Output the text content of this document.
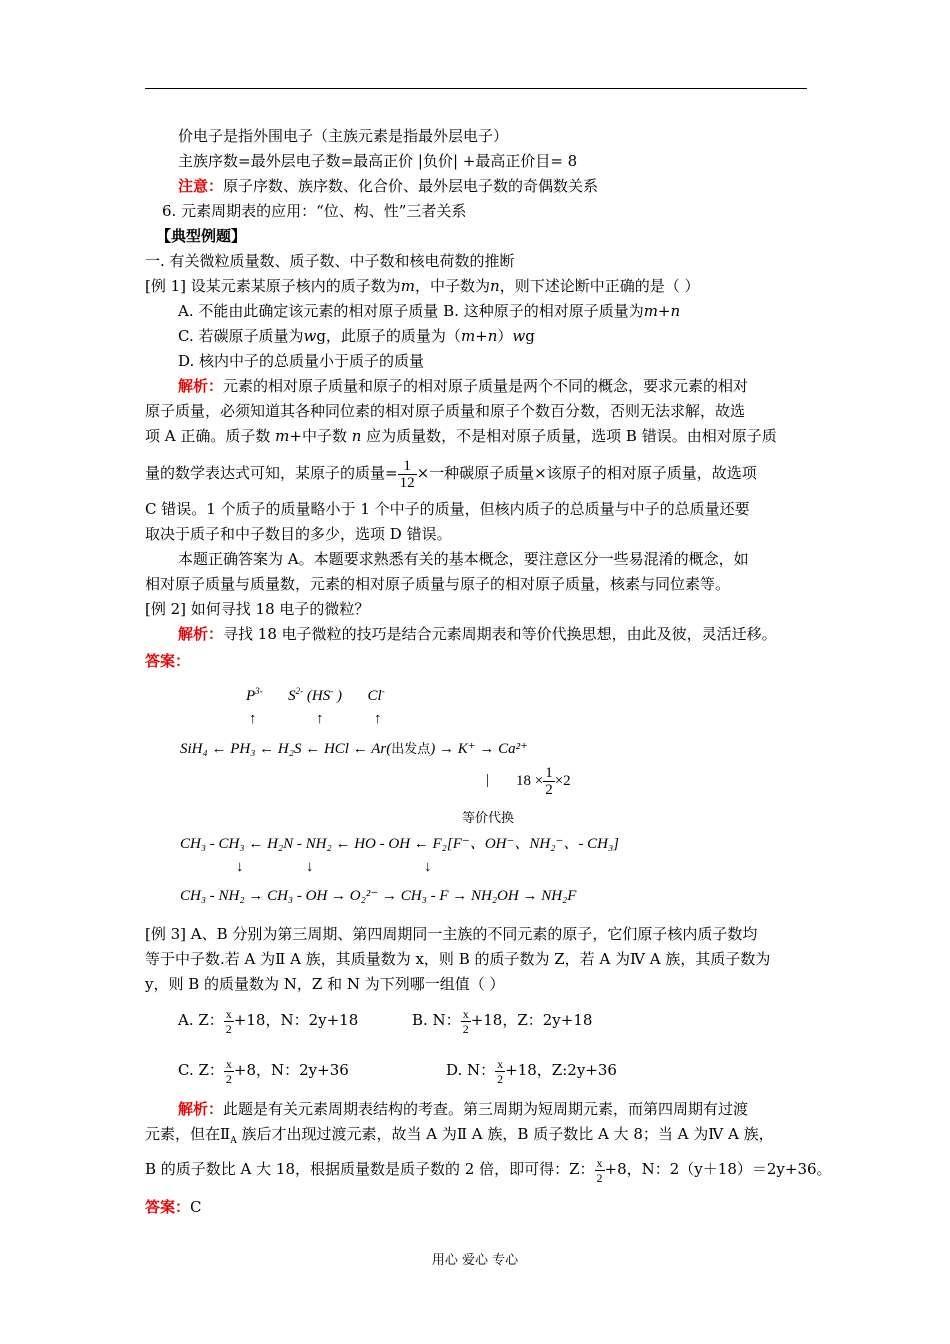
价电子是指外围电子（主族元素是指最外层电子）
主族序数=最外层电子数=最高正价 |负价| +最高正价目= 8
注意：原子序数、族序数、化合价、最外层电子数的奇偶数关系
6. 元素周期表的应用：“位、构、性”三者关系
【典型例题】
一. 有关微粒质量数、质子数、中子数和核电荷数的推断
[例 1] 设某元素某原子核内的质子数为m，中子数为n，则下述论断中正确的是（ ）
A. 不能由此确定该元素的相对原子质量 B. 这种原子的相对原子质量为m+n
C. 若碳原子质量为wg，此原子的质量为（m+n）wg
D. 核内中子的总质量小于质子的质量
解析：元素的相对原子质量和原子的相对原子质量是两个不同的概念，要求元素的相对
原子质量，必须知道其各种同位素的相对原子质量和原子个数百分数，否则无法求解，故选
项 A 正确。质子数 m+中子数 n 应为质量数，不是相对原子质量，选项 B 错误。由相对原子质
量的数学表达式可知，某原子的质量= $\frac{1}{12}$ ×一种碳原子质量×该原子的相对原子质量，故选项
C 错误。1 个质子的质量略小于 1 个中子的质量，但核内质子的总质量与中子的总质量还要
取决于质子和中子数目的多少，选项 D 错误。
本题正确答案为 A。本题要求熟悉有关的基本概念，要注意区分一些易混淆的概念，如
相对原子质量与质量数，元素的相对原子质量与原子的相对原子质量，核素与同位素等。
[例 2] 如何寻找 18 电子的微粒？
解析：寻找 18 电子微粒的技巧是结合元素周期表和等价代换思想，由此及彼，灵活迁移。
答案：
$P^{3-}$ $S^{2-}$ (HS- ) Cl-
↑	↑	↑
SiH₄ ← PH₃ ← H₂S ← HCl ← Ar(出发点) → K⁺ → Ca²⁺
| $18 \times \frac{1}{2} \times 2$
等价代换
CH₃ - CH₃ ← H₂N - NH₂ ← HO - OH ← F₂[F⁻、OH⁻、NH₂⁻、- CH₃]
↓	↓	↓
CH₃ - NH₂ → CH₃ - OH → O₂²⁻ → CH₃ - F → NH₂OH → NH₂F
[例 3] A、B 分别为第三周期、第四周期同一主族的不同元素的原子，它们原子核内质子数均
等于中子数.若 A 为Ⅱ A 族，其质量数为 x，则 B 的质子数为 Z，若 A 为Ⅳ A 族，其质子数为
y，则 B 的质量数为 N，Z 和 N 为下列哪一组值（ ）
A. Z： $\frac{x}{2} +18$，N：2y+18	B. N： $\frac{x}{2} +18$，Z：2y+18
C. Z： $\frac{x}{2} +8$，N：2y+36	D. N： $\frac{x}{2} +18$，Z:2y+36
解析：此题是有关元素周期表结构的考查。第三周期为短周期元素，而第四周期有过渡
元素，但在$Ⅱ_A$ 族后才出现过渡元素，故当 A 为Ⅱ A 族，B 质子数比 A 大 8；当 A 为Ⅳ A 族，
B 的质子数比 A 大 18，根据质量数是质子数的 2 倍，即可得：Z： $\frac{x}{2} +8$，N：2（y＋18）＝2y+36。
答案：C
用心 爱心 专心
